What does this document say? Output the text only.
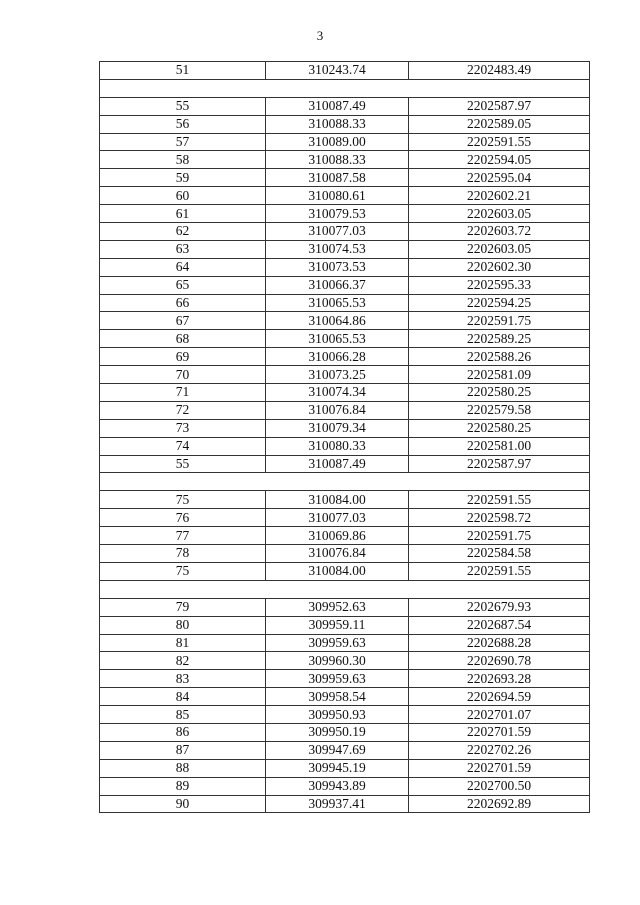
3
51	310243.74	2202483.49

55	310087.49	2202587.97
56	310088.33	2202589.05
57	310089.00	2202591.55
58	310088.33	2202594.05
59	310087.58	2202595.04
60	310080.61	2202602.21
61	310079.53	2202603.05
62	310077.03	2202603.72
63	310074.53	2202603.05
64	310073.53	2202602.30
65	310066.37	2202595.33
66	310065.53	2202594.25
67	310064.86	2202591.75
68	310065.53	2202589.25
69	310066.28	2202588.26
70	310073.25	2202581.09
71	310074.34	2202580.25
72	310076.84	2202579.58
73	310079.34	2202580.25
74	310080.33	2202581.00
55	310087.49	2202587.97

75	310084.00	2202591.55
76	310077.03	2202598.72
77	310069.86	2202591.75
78	310076.84	2202584.58
75	310084.00	2202591.55

79	309952.63	2202679.93
80	309959.11	2202687.54
81	309959.63	2202688.28
82	309960.30	2202690.78
83	309959.63	2202693.28
84	309958.54	2202694.59
85	309950.93	2202701.07
86	309950.19	2202701.59
87	309947.69	2202702.26
88	309945.19	2202701.59
89	309943.89	2202700.50
90	309937.41	2202692.89
